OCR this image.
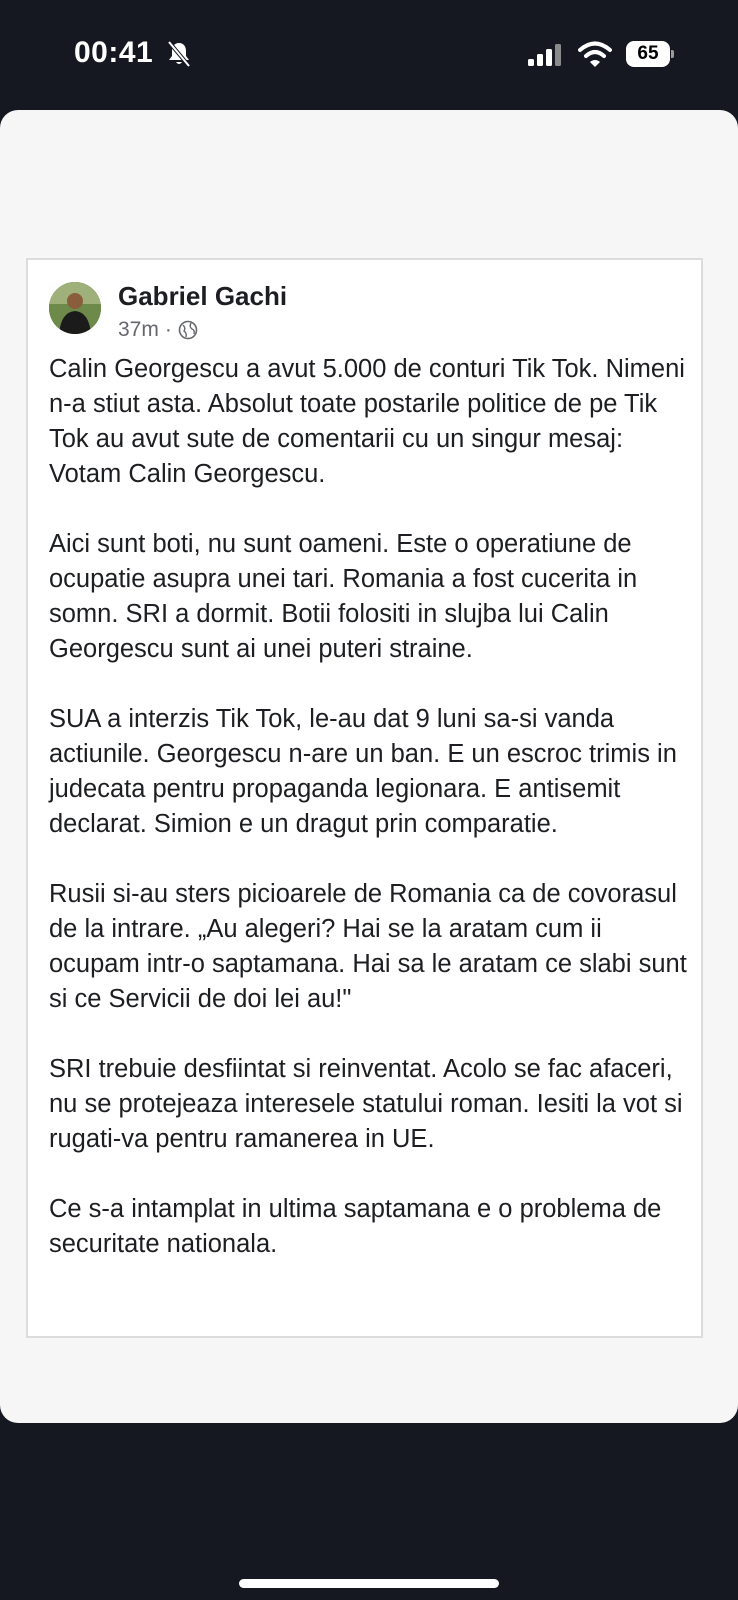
00:41	65
Gabriel Gachi
37m ·

Calin Georgescu a avut 5.000 de conturi Tik Tok. Nimeni n-a stiut asta. Absolut toate postarile politice de pe Tik Tok au avut sute de comentarii cu un singur mesaj: Votam Calin Georgescu.

Aici sunt boti, nu sunt oameni. Este o operatiune de ocupatie asupra unei tari. Romania a fost cucerita in somn. SRI a dormit. Botii folositi in slujba lui Calin Georgescu sunt ai unei puteri straine.

SUA a interzis Tik Tok, le-au dat 9 luni sa-si vanda actiunile. Georgescu n-are un ban. E un escroc trimis in judecata pentru propaganda legionara. E antisemit declarat. Simion e un dragut prin comparatie.

Rusii si-au sters picioarele de Romania ca de covorasul de la intrare. „Au alegeri? Hai se la aratam cum ii ocupam intr-o saptamana. Hai sa le aratam ce slabi sunt si ce Servicii de doi lei au!"

SRI trebuie desfiintat si reinventat. Acolo se fac afaceri, nu se protejeaza interesele statului roman. Iesiti la vot si rugati-va pentru ramanerea in UE.

Ce s-a intamplat in ultima saptamana e o problema de securitate nationala.
